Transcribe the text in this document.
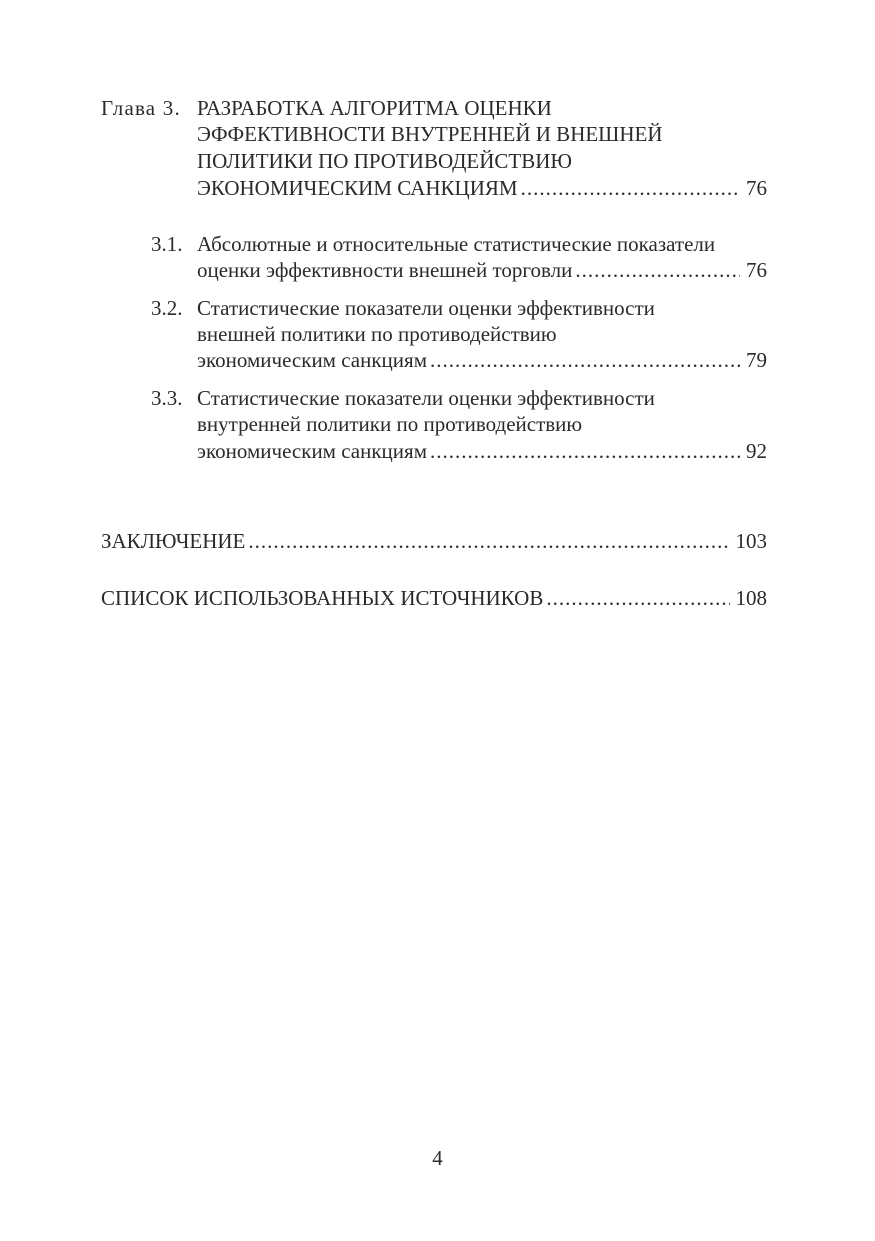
Глава 3. РАЗРАБОТКА АЛГОРИТМА ОЦЕНКИ
ЭФФЕКТИВНОСТИ ВНУТРЕННЕЙ И ВНЕШНЕЙ
ПОЛИТИКИ ПО ПРОТИВОДЕЙСТВИЮ
ЭКОНОМИЧЕСКИМ САНКЦИЯМ .....	76
3.1. Абсолютные и относительные статистические показатели
оценки эффективности внешней торговли .....	76
3.2. Статистические показатели оценки эффективности
внешней политики по противодействию
экономическим санкциям .....	79
3.3. Статистические показатели оценки эффективности
внутренней политики по противодействию
экономическим санкциям .....	92
ЗАКЛЮЧЕНИЕ .....	103
СПИСОК ИСПОЛЬЗОВАННЫХ ИСТОЧНИКОВ .....	108
4
